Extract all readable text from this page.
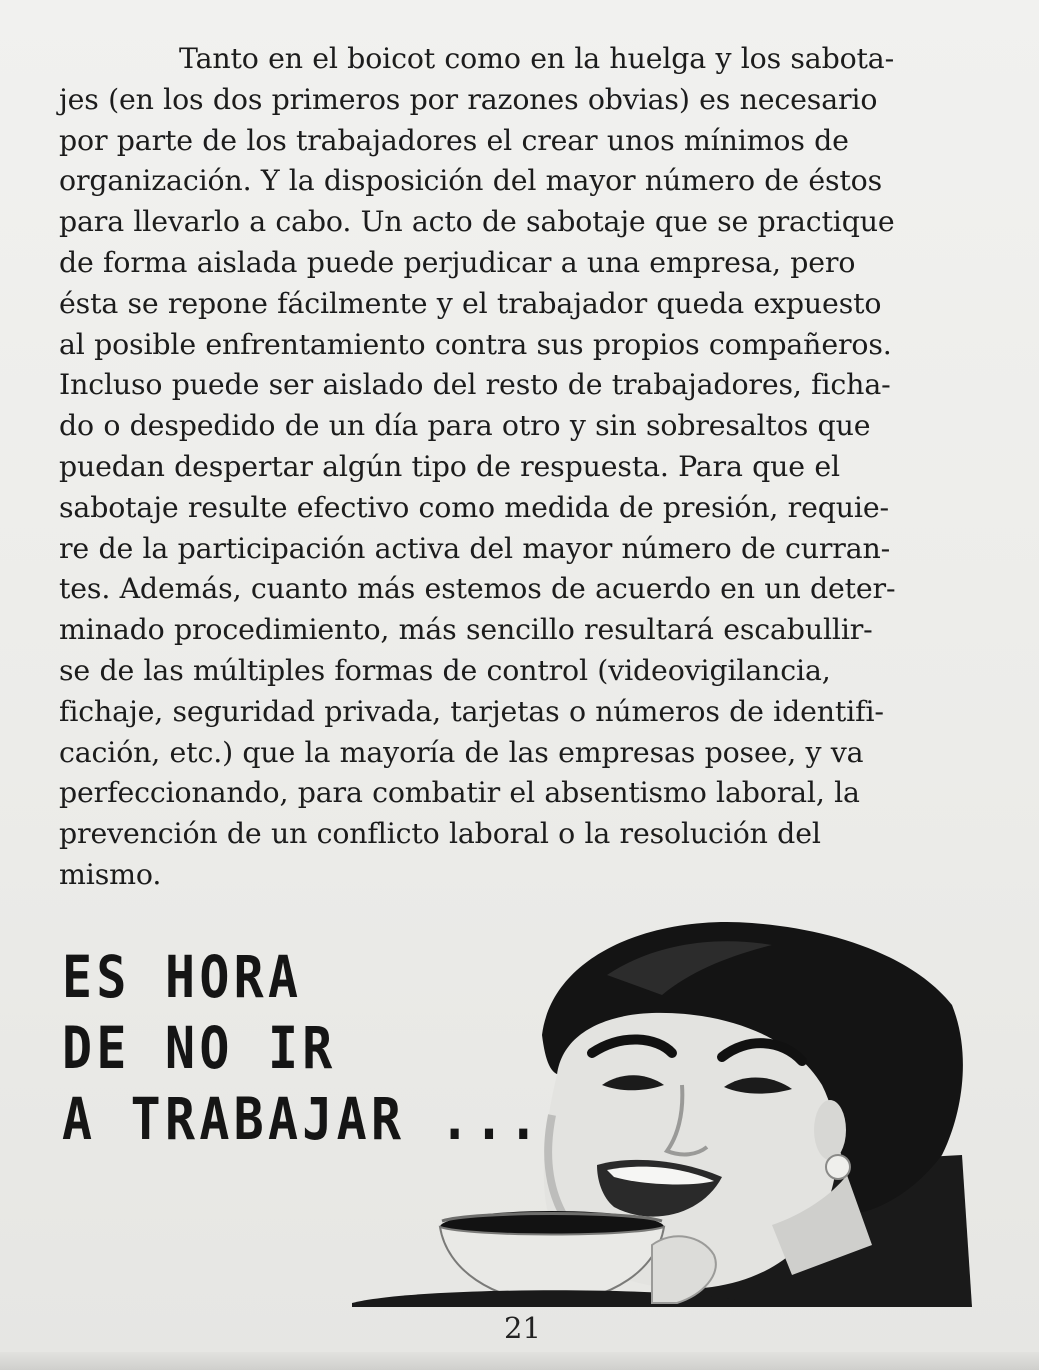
Tanto en el boicot como en la huelga y los sabota-
jes (en los dos primeros por razones obvias) es necesario
por parte de los trabajadores el crear unos mínimos de
organización. Y la disposición del mayor número de éstos
para llevarlo a cabo. Un acto de sabotaje que se practique
de forma aislada puede perjudicar a una empresa, pero
ésta se repone fácilmente y el trabajador queda expuesto
al posible enfrentamiento contra sus propios compañeros.
Incluso puede ser aislado del resto de trabajadores, ficha-
do o despedido de un día para otro y sin sobresaltos que
puedan despertar algún tipo de respuesta. Para que el
sabotaje resulte efectivo como medida de presión, requie-
re de la participación activa del mayor número de curran-
tes. Además, cuanto más estemos de acuerdo en un deter-
minado procedimiento, más sencillo resultará escabullir-
se de las múltiples formas de control (videovigilancia,
fichaje, seguridad privada, tarjetas o números de identifi-
cación, etc.) que la mayoría de las empresas posee, y va
perfeccionando, para combatir el absentismo laboral, la
prevención de un conflicto laboral o la resolución del
mismo.

ES HORA
DE NO IR
A TRABAJAR ...

21
